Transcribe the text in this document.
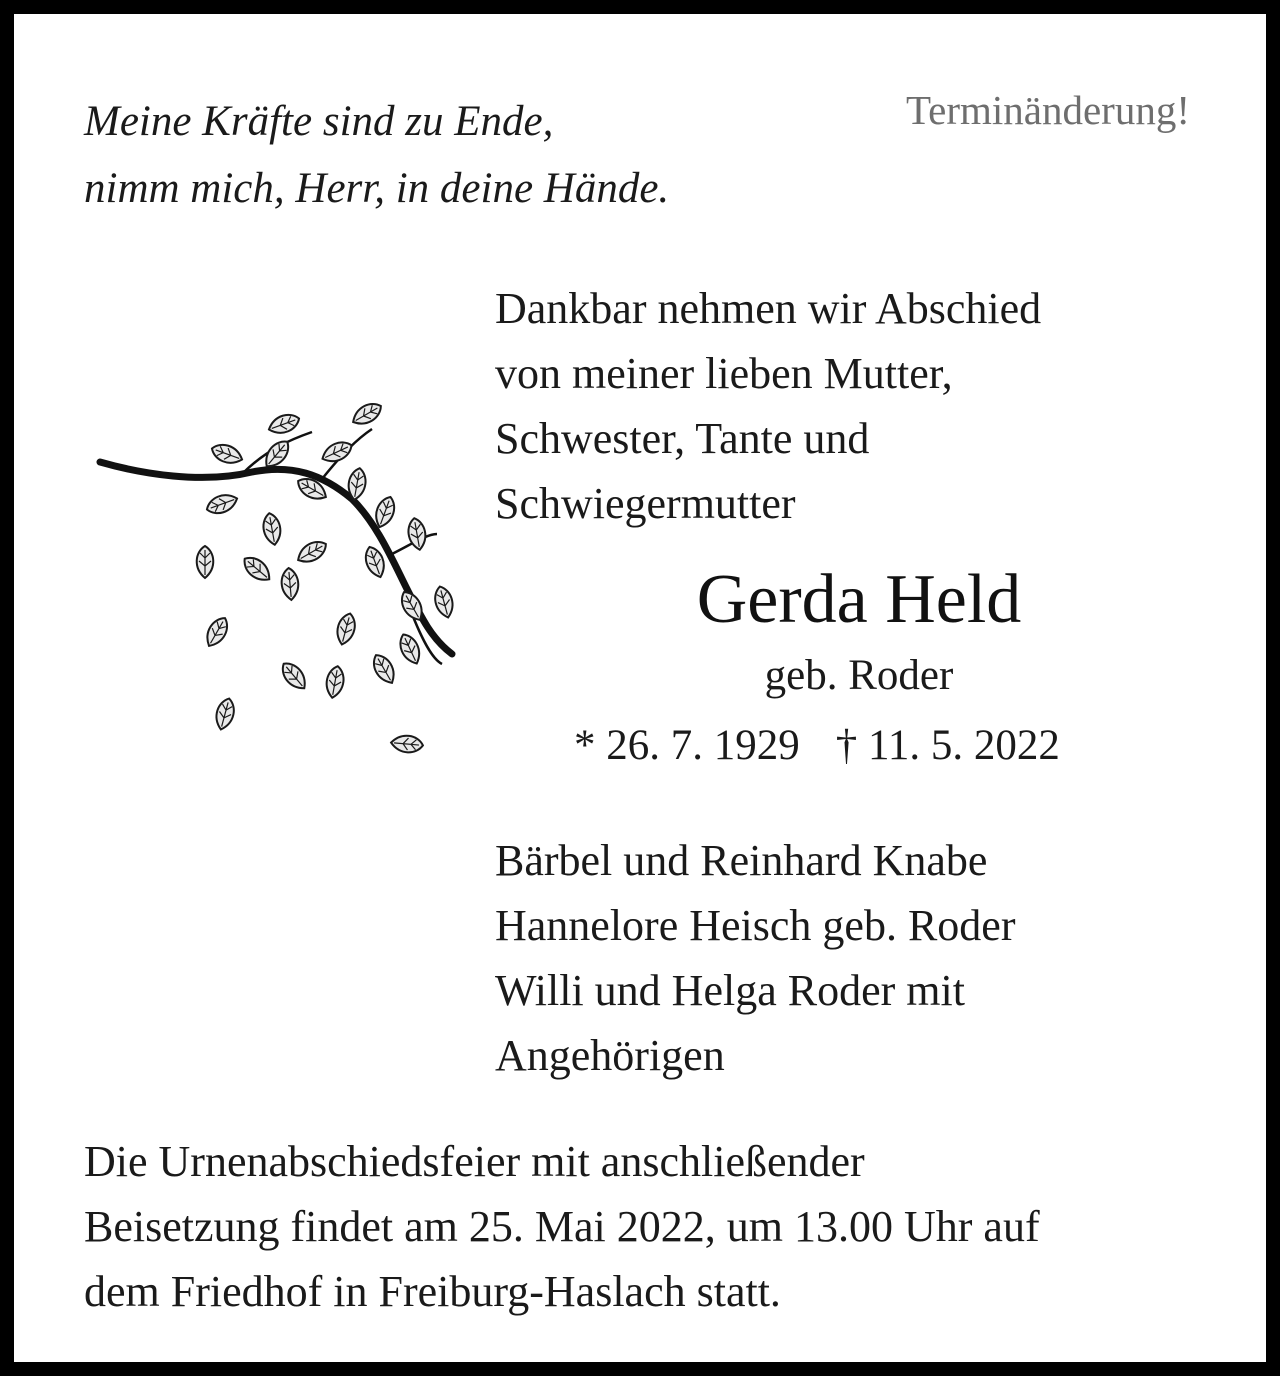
Meine Kräfte sind zu Ende,
nimm mich, Herr, in deine Hände.
Terminänderung!
Dankbar nehmen wir Abschied
von meiner lieben Mutter,
Schwester, Tante und
Schwiegermutter
Gerda Held
geb. Roder
* 26. 7. 1929 † 11. 5. 2022
Bärbel und Reinhard Knabe
Hannelore Heisch geb. Roder
Willi und Helga Roder mit
Angehörigen
Die Urnenabschiedsfeier mit anschließender
Beisetzung findet am 25. Mai 2022, um 13.00 Uhr auf
dem Friedhof in Freiburg-Haslach statt.
